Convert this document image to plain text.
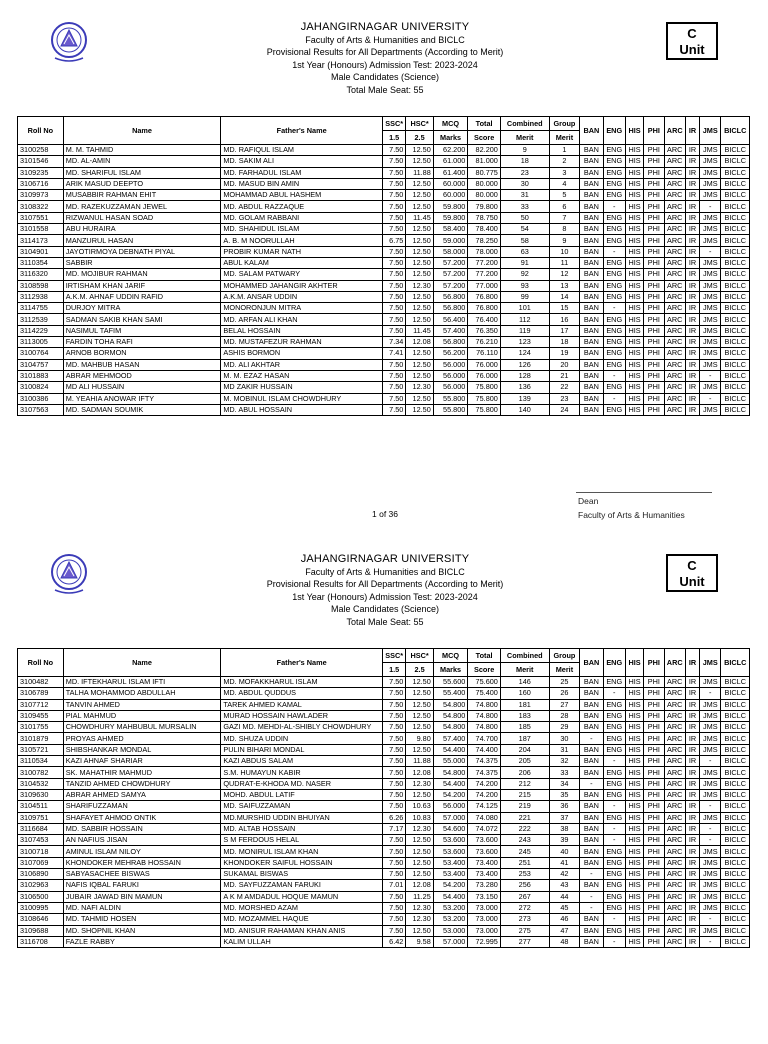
JAHANGIRNAGAR UNIVERSITY
Faculty of Arts & Humanities and BICLC
Provisional Results for All Departments (According to Merit)
1st Year (Honours) Admission Test: 2023-2024
Male Candidates (Science)
Total Male Seat: 55
C
Unit
Roll No	Name	Father's Name	SSC*	HSC*	MCQ	Total	Combined	Group	BAN	ENG	HIS	PHI	ARC	IR	JMS	BICLC
			1.5	2.5	Marks	Score	Merit	Merit								
3100258	M. M. TAHMID	MD. RAFIQUL ISLAM	7.50	12.50	62.200	82.200	9	1	BAN	ENG	HIS	PHI	ARC	IR	JMS	BICLC
3101546	MD. AL-AMIN	MD. SAKIM ALI	7.50	12.50	61.000	81.000	18	2	BAN	ENG	HIS	PHI	ARC	IR	JMS	BICLC
3109235	MD. SHARIFUL ISLAM	MD. FARHADUL ISLAM	7.50	11.88	61.400	80.775	23	3	BAN	ENG	HIS	PHI	ARC	IR	JMS	BICLC
3106716	ARIK MASUD DEEPTO	MD. MASUD BIN AMIN	7.50	12.50	60.000	80.000	30	4	BAN	ENG	HIS	PHI	ARC	IR	JMS	BICLC
3109973	MUSABBIR RAHMAN EHIT	MOHAMMAD ABUL HASHEM	7.50	12.50	60.000	80.000	31	5	BAN	ENG	HIS	PHI	ARC	IR	JMS	BICLC
3108322	MD. RAZEKUZZAMAN JEWEL	MD. ABDUL RAZZAQUE	7.50	12.50	59.800	79.800	33	6	BAN	-	HIS	PHI	ARC	IR	-	BICLC
3107551	RIZWANUL HASAN SOAD	MD. GOLAM RABBANI	7.50	11.45	59.800	78.750	50	7	BAN	ENG	HIS	PHI	ARC	IR	JMS	BICLC
3101558	ABU HURAIRA	MD. SHAHIDUL ISLAM	7.50	12.50	58.400	78.400	54	8	BAN	ENG	HIS	PHI	ARC	IR	JMS	BICLC
3114173	MANZURUL HASAN	A. B. M NOORULLAH	6.75	12.50	59.000	78.250	58	9	BAN	ENG	HIS	PHI	ARC	IR	JMS	BICLC
3104901	JAYOTIRMOYA DEBNATH PIYAL	PROBIR KUMAR NATH	7.50	12.50	58.000	78.000	63	10	BAN	-	HIS	PHI	ARC	IR	-	BICLC
3110354	SABBIR	ABUL KALAM	7.50	12.50	57.200	77.200	91	11	BAN	ENG	HIS	PHI	ARC	IR	JMS	BICLC
3116320	MD. MOJIBUR RAHMAN	MD. SALAM PATWARY	7.50	12.50	57.200	77.200	92	12	BAN	ENG	HIS	PHI	ARC	IR	JMS	BICLC
3108598	IRTISHAM KHAN JARIF	MOHAMMED JAHANGIR AKHTER	7.50	12.30	57.200	77.000	93	13	BAN	ENG	HIS	PHI	ARC	IR	JMS	BICLC
3112938	A.K.M. AHNAF UDDIN RAFID	A.K.M. ANSAR UDDIN	7.50	12.50	56.800	76.800	99	14	BAN	ENG	HIS	PHI	ARC	IR	JMS	BICLC
3114755	DURJOY MITRA	MONORONJUN MITRA	7.50	12.50	56.800	76.800	101	15	BAN	-	HIS	PHI	ARC	IR	JMS	BICLC
3112539	SADMAN SAKIB KHAN SAMI	MD. ARFAN ALI KHAN	7.50	12.50	56.400	76.400	112	16	BAN	ENG	HIS	PHI	ARC	IR	JMS	BICLC
3114229	NASIMUL TAFIM	BELAL HOSSAIN	7.50	11.45	57.400	76.350	119	17	BAN	ENG	HIS	PHI	ARC	IR	JMS	BICLC
3113005	FARDIN TOHA RAFI	MD. MUSTAFEZUR RAHMAN	7.34	12.08	56.800	76.210	123	18	BAN	ENG	HIS	PHI	ARC	IR	JMS	BICLC
3100764	ARNOB BORMON	ASHIS BORMON	7.41	12.50	56.200	76.110	124	19	BAN	ENG	HIS	PHI	ARC	IR	JMS	BICLC
3104757	MD. MAHBUB HASAN	MD. ALI AKHTAR	7.50	12.50	56.000	76.000	126	20	BAN	ENG	HIS	PHI	ARC	IR	JMS	BICLC
3101883	ABRAR MEHMOOD	M. M. EZAZ HASAN	7.50	12.50	56.000	76.000	128	21	BAN	-	HIS	PHI	ARC	IR	-	BICLC
3100824	MD ALI HUSSAIN	MD ZAKIR HUSSAIN	7.50	12.30	56.000	75.800	136	22	BAN	ENG	HIS	PHI	ARC	IR	JMS	BICLC
3100386	M. YEAHIA ANOWAR IFTY	M. MOBINUL ISLAM CHOWDHURY	7.50	12.50	55.800	75.800	139	23	BAN	-	HIS	PHI	ARC	IR	-	BICLC
3107563	MD. SADMAN SOUMIK	MD. ABUL HOSSAIN	7.50	12.50	55.800	75.800	140	24	BAN	ENG	HIS	PHI	ARC	IR	JMS	BICLC
1 of 36
Dean
Faculty of Arts & Humanities
JAHANGIRNAGAR UNIVERSITY
Faculty of Arts & Humanities and BICLC
Provisional Results for All Departments (According to Merit)
1st Year (Honours) Admission Test: 2023-2024
Male Candidates (Science)
Total Male Seat: 55
C
Unit
Roll No	Name	Father's Name	SSC*	HSC*	MCQ	Total	Combined	Group	BAN	ENG	HIS	PHI	ARC	IR	JMS	BICLC
			1.5	2.5	Marks	Score	Merit	Merit								
3100482	MD. IFTEKHARUL ISLAM IFTI	MD. MOFAKKHARUL ISLAM	7.50	12.50	55.600	75.600	146	25	BAN	ENG	HIS	PHI	ARC	IR	JMS	BICLC
3106789	TALHA MOHAMMOD ABDULLAH	MD. ABDUL QUDDUS	7.50	12.50	55.400	75.400	160	26	BAN	-	HIS	PHI	ARC	IR	-	BICLC
3107712	TANVIN AHMED	TAREK AHMED KAMAL	7.50	12.50	54.800	74.800	181	27	BAN	ENG	HIS	PHI	ARC	IR	JMS	BICLC
3109455	PIAL MAHMUD	MURAD HOSSAIN HAWLADER	7.50	12.50	54.800	74.800	183	28	BAN	ENG	HIS	PHI	ARC	IR	JMS	BICLC
3101755	CHOWDHURY MAHBUBUL MURSALIN	GAZI MD. MEHDI-AL-SHIBLY CHOWDHURY	7.50	12.50	54.800	74.800	185	29	BAN	ENG	HIS	PHI	ARC	IR	JMS	BICLC
3101879	PROYAS AHMED	MD. SHUZA UDDIN	7.50	9.80	57.400	74.700	187	30	-	ENG	HIS	PHI	ARC	IR	JMS	BICLC
3105721	SHIBSHANKAR MONDAL	PULIN BIHARI MONDAL	7.50	12.50	54.400	74.400	204	31	BAN	ENG	HIS	PHI	ARC	IR	JMS	BICLC
3110534	KAZI AHNAF SHARIAR	KAZI ABDUS SALAM	7.50	11.88	55.000	74.375	205	32	BAN	-	HIS	PHI	ARC	IR	-	BICLC
3100782	SK. MAHATHIR MAHMUD	S.M. HUMAYUN KABIR	7.50	12.08	54.800	74.375	206	33	BAN	ENG	HIS	PHI	ARC	IR	JMS	BICLC
3104532	TANZID AHMED CHOWDHURY	QUDRAT-E-KHODA MD. NASER	7.50	12.30	54.400	74.200	212	34	-	ENG	HIS	PHI	ARC	IR	JMS	BICLC
3109630	ABRAR AHMED SAMYA	MOHD. ABDUL LATIF	7.50	12.50	54.200	74.200	215	35	BAN	ENG	HIS	PHI	ARC	IR	JMS	BICLC
3104511	SHARIFUZZAMAN	MD. SAIFUZZAMAN	7.50	10.63	56.000	74.125	219	36	BAN	-	HIS	PHI	ARC	IR	-	BICLC
3109751	SHAFAYET AHMOD ONTIK	MD.MURSHID UDDIN BHUIYAN	6.26	10.83	57.000	74.080	221	37	BAN	ENG	HIS	PHI	ARC	IR	JMS	BICLC
3116684	MD. SABBIR HOSSAIN	MD. ALTAB HOSSAIN	7.17	12.30	54.600	74.072	222	38	BAN	-	HIS	PHI	ARC	IR	-	BICLC
3107453	AN NAFIUS JISAN	S M FERDOUS HELAL	7.50	12.50	53.600	73.600	243	39	BAN	-	HIS	PHI	ARC	IR	-	BICLC
3100718	AMINUL ISLAM NILOY	MD. MONIRUL ISLAM KHAN	7.50	12.50	53.600	73.600	245	40	BAN	ENG	HIS	PHI	ARC	IR	JMS	BICLC
3107069	KHONDOKER MEHRAB HOSSAIN	KHONDOKER SAIFUL HOSSAIN	7.50	12.50	53.400	73.400	251	41	BAN	ENG	HIS	PHI	ARC	IR	JMS	BICLC
3106890	SABYASACHEE BISWAS	SUKAMAL BISWAS	7.50	12.50	53.400	73.400	253	42	-	ENG	HIS	PHI	ARC	IR	JMS	BICLC
3102963	NAFIS IQBAL FARUKI	MD. SAYFUZZAMAN FARUKI	7.01	12.08	54.200	73.280	256	43	BAN	ENG	HIS	PHI	ARC	IR	JMS	BICLC
3106500	JUBAIR JAWAD BIN MAMUN	A K M AMDADUL HOQUE MAMUN	7.50	11.25	54.400	73.150	267	44	-	ENG	HIS	PHI	ARC	IR	JMS	BICLC
3100995	MD. NAFI ALDIN	MD. MORSHED AZAM	7.50	12.30	53.200	73.000	272	45	-	ENG	HIS	PHI	ARC	IR	JMS	BICLC
3108646	MD. TAHMID HOSEN	MD. MOZAMMEL HAQUE	7.50	12.30	53.200	73.000	273	46	BAN	-	HIS	PHI	ARC	IR	-	BICLC
3109688	MD. SHOPNIL KHAN	MD. ANISUR RAHAMAN KHAN ANIS	7.50	12.50	53.000	73.000	275	47	BAN	ENG	HIS	PHI	ARC	IR	JMS	BICLC
3116708	FAZLE RABBY	KALIM ULLAH	6.42	9.58	57.000	72.995	277	48	BAN	-	HIS	PHI	ARC	IR	-	BICLC
